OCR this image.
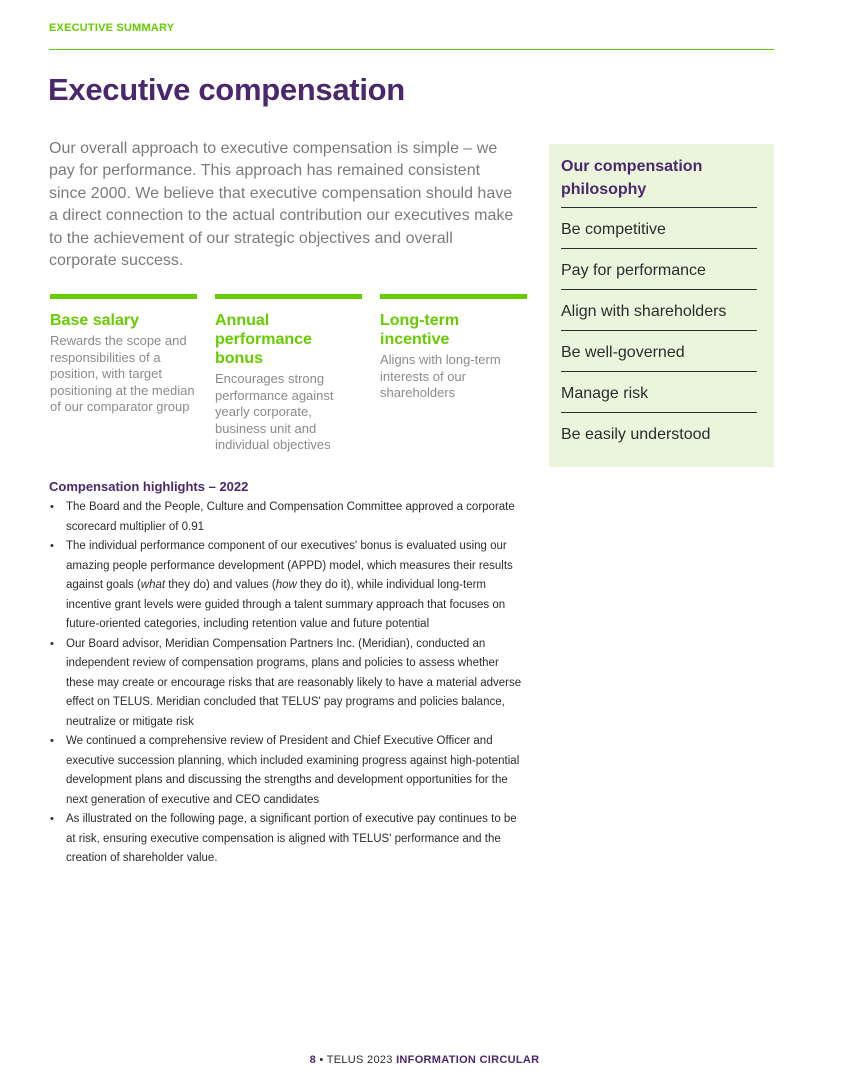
EXECUTIVE SUMMARY
Executive compensation

Our overall approach to executive compensation is simple – we pay for performance. This approach has remained consistent since 2000. We believe that executive compensation should have a direct connection to the actual contribution our executives make to the achievement of our strategic objectives and overall corporate success.

Base salary

Rewards the scope and responsibilities of a position, with target positioning at the median of our comparator group

Annual performance bonus

Encourages strong performance against yearly corporate, business unit and individual objectives

Long-term incentive

Aligns with long-term interests of our shareholders

Compensation highlights – 2022
• The Board and the People, Culture and Compensation Committee approved a corporate scorecard multiplier of 0.91
• The individual performance component of our executives' bonus is evaluated using our amazing people performance development (APPD) model, which measures their results against goals (what they do) and values (how they do it), while individual long-term incentive grant levels were guided through a talent summary approach that focuses on future-oriented categories, including retention value and future potential
• Our Board advisor, Meridian Compensation Partners Inc. (Meridian), conducted an independent review of compensation programs, plans and policies to assess whether these may create or encourage risks that are reasonably likely to have a material adverse effect on TELUS. Meridian concluded that TELUS' pay programs and policies balance, neutralize or mitigate risk
• We continued a comprehensive review of President and Chief Executive Officer and executive succession planning, which included examining progress against high-potential development plans and discussing the strengths and development opportunities for the next generation of executive and CEO candidates
• As illustrated on the following page, a significant portion of executive pay continues to be at risk, ensuring executive compensation is aligned with TELUS' performance and the creation of shareholder value.
Our compensation philosophy
Be competitive
Pay for performance
Align with shareholders
Be well-governed
Manage risk
Be easily understood
8 • TELUS 2023 INFORMATION CIRCULAR
